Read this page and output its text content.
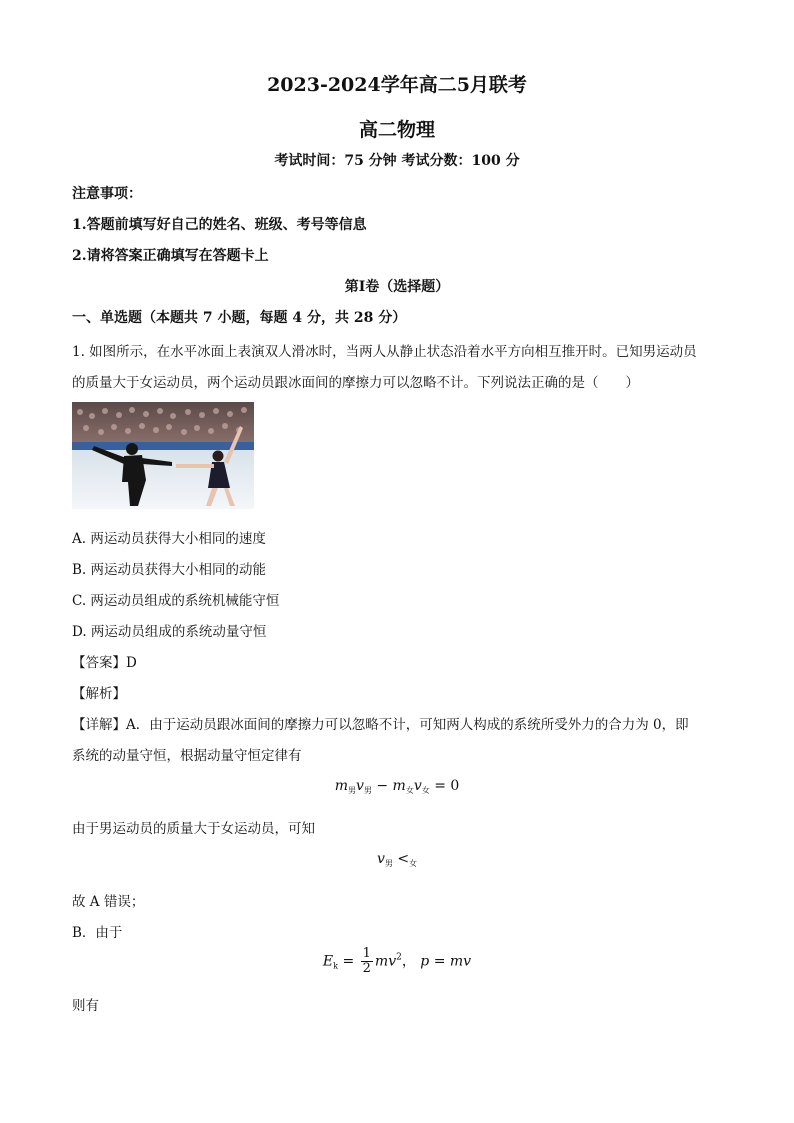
2023-2024学年高二5月联考
高二物理
考试时间：75 分钟 考试分数：100 分
注意事项：
1.答题前填写好自己的姓名、班级、考号等信息
2.请将答案正确填写在答题卡上
第Ⅰ卷（选择题）
一、单选题（本题共 7 小题，每题 4 分，共 28 分）
1. 如图所示，在水平冰面上表演双人滑冰时，当两人从静止状态沿着水平方向相互推开时。已知男运动员
的质量大于女运动员，两个运动员跟冰面间的摩擦力可以忽略不计。下列说法正确的是（　　）
A. 两运动员获得大小相同的速度
B. 两运动员获得大小相同的动能
C. 两运动员组成的系统机械能守恒
D. 两运动员组成的系统动量守恒
【答案】D
【解析】
【详解】A．由于运动员跟冰面间的摩擦力可以忽略不计，可知两人构成的系统所受外力的合力为 0，即
系统的动量守恒，根据动量守恒定律有
$m_男v_男 - m_女v_女 = 0$
由于男运动员的质量大于女运动员，可知
$v_男 <_女$
故 A 错误；
B．由于
$E_k = \frac{1}{2} mv^2$， p = mv
则有
